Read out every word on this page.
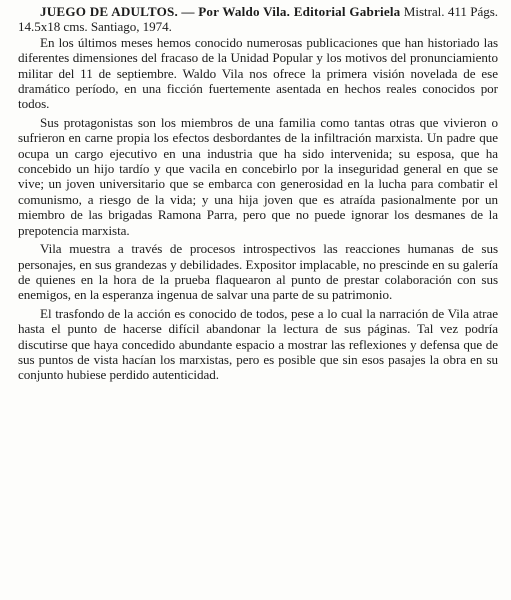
JUEGO DE ADULTOS. — Por Waldo Vila. Editorial Gabriela Mistral. 411 Págs. 14.5x18 cms. Santiago, 1974.

En los últimos meses hemos conocido numerosas publicaciones que han historiado las diferentes dimensiones del fracaso de la Unidad Popular y los motivos del pronunciamiento militar del 11 de septiembre. Waldo Vila nos ofrece la primera visión novelada de ese dramático período, en una ficción fuertemente asentada en hechos reales conocidos por todos.

Sus protagonistas son los miembros de una familia como tantas otras que vivieron o sufrieron en carne propia los efectos desbordantes de la infiltración marxista. Un padre que ocupa un cargo ejecutivo en una industria que ha sido intervenida; su esposa, que ha concebido un hijo tardío y que vacila en concebirlo por la inseguridad general en que se vive; un joven universitario que se embarca con generosidad en la lucha para combatir el comunismo, a riesgo de la vida; y una hija joven que es atraída pasionalmente por un miembro de las brigadas Ramona Parra, pero que no puede ignorar los desmanes de la prepotencia marxista.

Vila muestra a través de procesos introspectivos las reacciones humanas de sus personajes, en sus grandezas y debilidades. Expositor implacable, no prescinde en su galería de quienes en la hora de la prueba flaquearon al punto de prestar colaboración con sus enemigos, en la esperanza ingenua de salvar una parte de su patrimonio.

El trasfondo de la acción es conocido de todos, pese a lo cual la narración de Vila atrae hasta el punto de hacerse difícil abandonar la lectura de sus páginas. Tal vez podría discutirse que haya concedido abundante espacio a mostrar las reflexiones y defensa que de sus puntos de vista hacían los marxistas, pero es posible que sin esos pasajes la obra en su conjunto hubiese perdido autenticidad.
